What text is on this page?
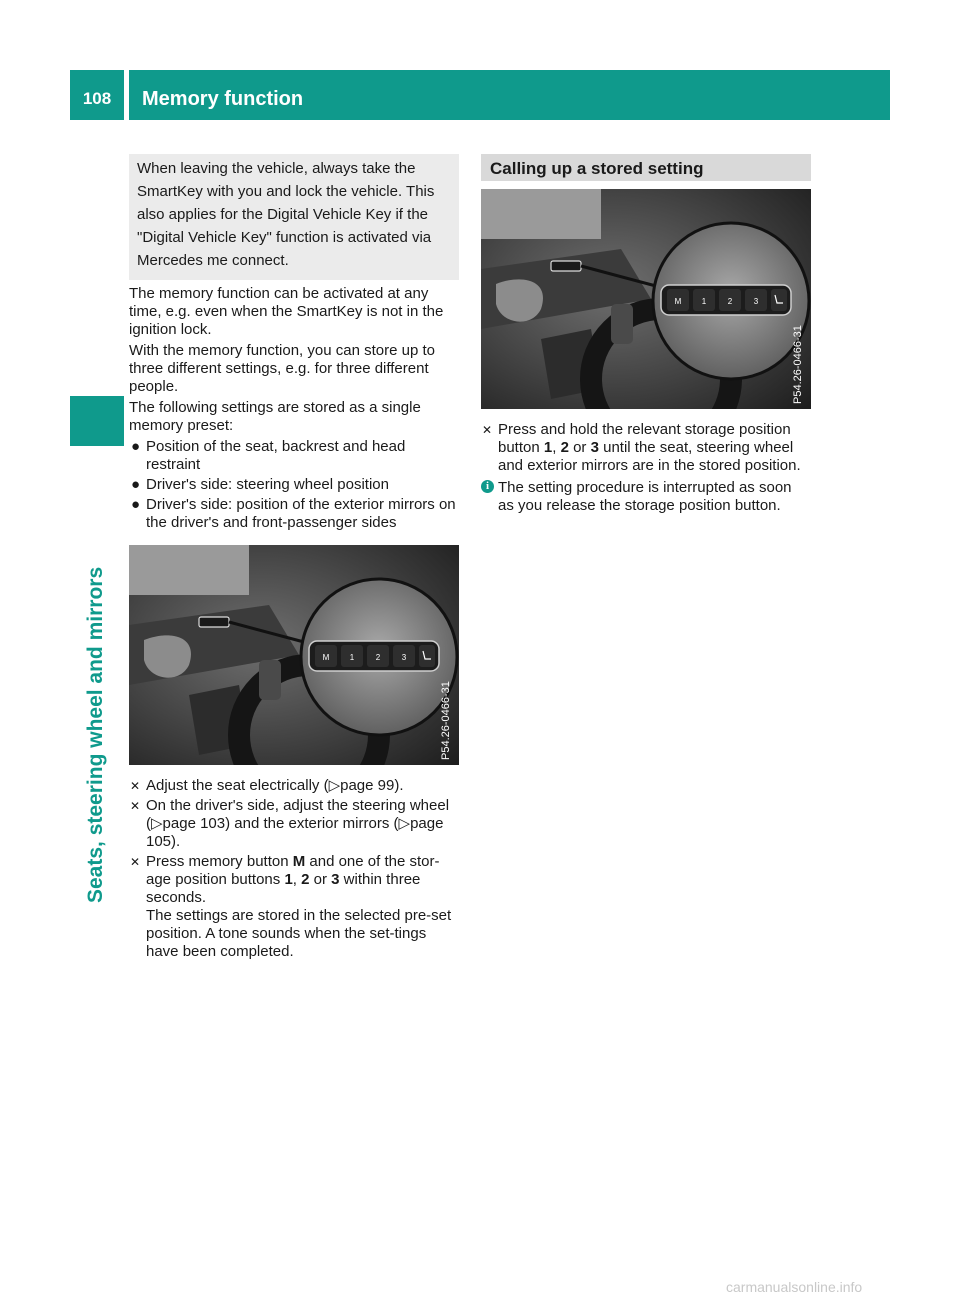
108	Memory function
Seats, steering wheel and mirrors
When leaving the vehicle, always take the SmartKey with you and lock the vehicle. This also applies for the Digital Vehicle Key if the "Digital Vehicle Key" function is activated via Mercedes me connect.

The memory function can be activated at any time, e.g. even when the SmartKey is not in the ignition lock.

With the memory function, you can store up to three different settings, e.g. for three different people.

The following settings are stored as a single memory preset:

● Position of the seat, backrest and head restraint
● Driver's side: steering wheel position
● Driver's side: position of the exterior mirrors on the driver's and front-passenger sides
M	1	2	3
P54.26-0466-31
✕ Adjust the seat electrically (▷page 99).
✕ On the driver's side, adjust the steering wheel (▷page 103) and the exterior mirrors (▷page 105).
✕ Press memory button M and one of the stor-age position buttons 1, 2 or 3 within three seconds.
The settings are stored in the selected pre-set position. A tone sounds when the set-tings have been completed.
Calling up a stored setting
M	1	2	3
P54.26-0466-31
✕ Press and hold the relevant storage position button 1, 2 or 3 until the seat, steering wheel and exterior mirrors are in the stored position.
i The setting procedure is interrupted as soon as you release the storage position button.
carmanualsonline.info
